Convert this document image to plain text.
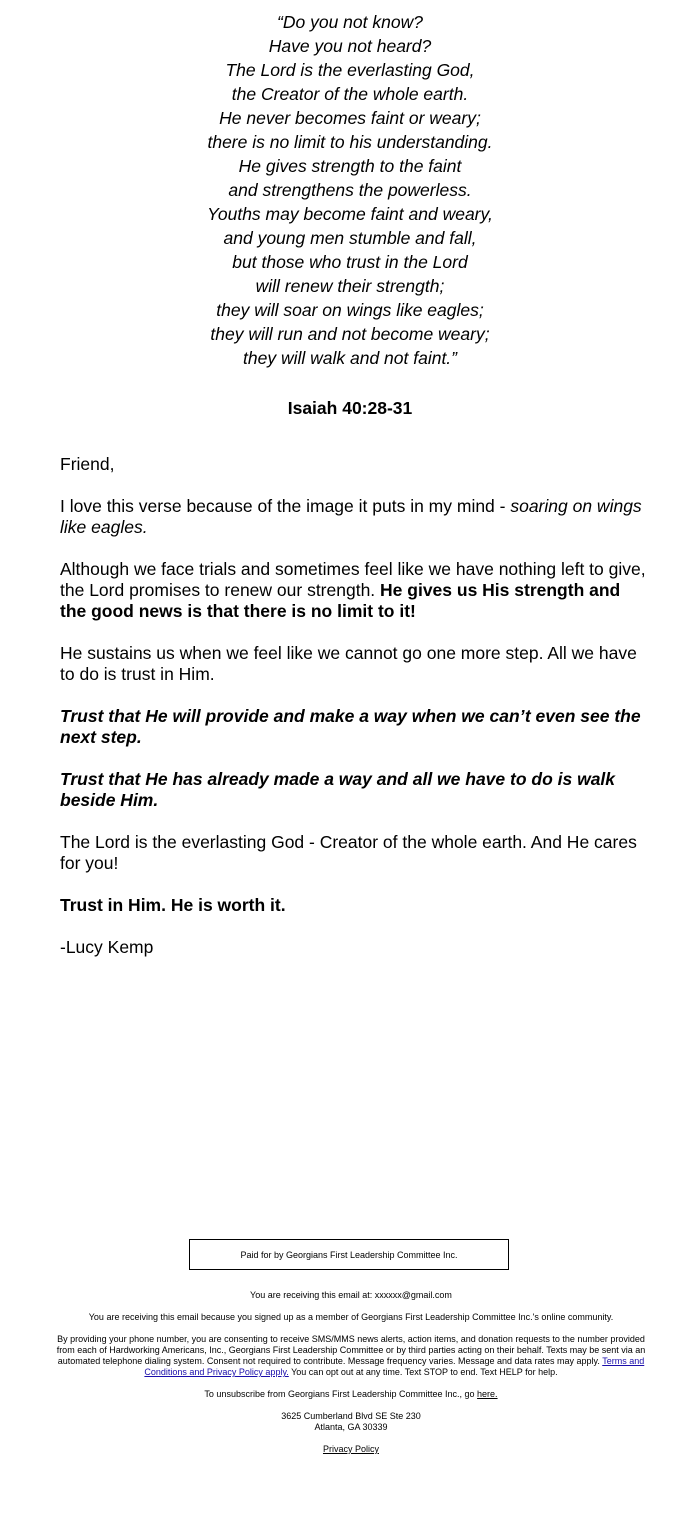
“Do you not know?
Have you not heard?
The Lord is the everlasting God,
the Creator of the whole earth.
He never becomes faint or weary;
there is no limit to his understanding.
He gives strength to the faint
and strengthens the powerless.
Youths may become faint and weary,
and young men stumble and fall,
but those who trust in the Lord
will renew their strength;
they will soar on wings like eagles;
they will run and not become weary;
they will walk and not faint.”
Isaiah 40:28-31

Friend,

I love this verse because of the image it puts in my mind - soaring on wings like eagles.

Although we face trials and sometimes feel like we have nothing left to give, the Lord promises to renew our strength. He gives us His strength and the good news is that there is no limit to it!

He sustains us when we feel like we cannot go one more step. All we have to do is trust in Him.

Trust that He will provide and make a way when we can’t even see the next step.

Trust that He has already made a way and all we have to do is walk beside Him.

The Lord is the everlasting God - Creator of the whole earth. And He cares for you!

Trust in Him. He is worth it.

-Lucy Kemp

Paid for by Georgians First Leadership Committee Inc.

You are receiving this email at: xxxxxx@gmail.com

You are receiving this email because you signed up as a member of Georgians First Leadership Committee Inc.'s online community.

By providing your phone number, you are consenting to receive SMS/MMS news alerts, action items, and donation requests to the number provided from each of Hardworking Americans, Inc., Georgians First Leadership Committee or by third parties acting on their behalf. Texts may be sent via an automated telephone dialing system. Consent not required to contribute. Message frequency varies. Message and data rates may apply. Terms and Conditions and Privacy Policy apply. You can opt out at any time. Text STOP to end. Text HELP for help.

To unsubscribe from Georgians First Leadership Committee Inc., go here.

3625 Cumberland Blvd SE Ste 230
Atlanta, GA 30339

Privacy Policy
